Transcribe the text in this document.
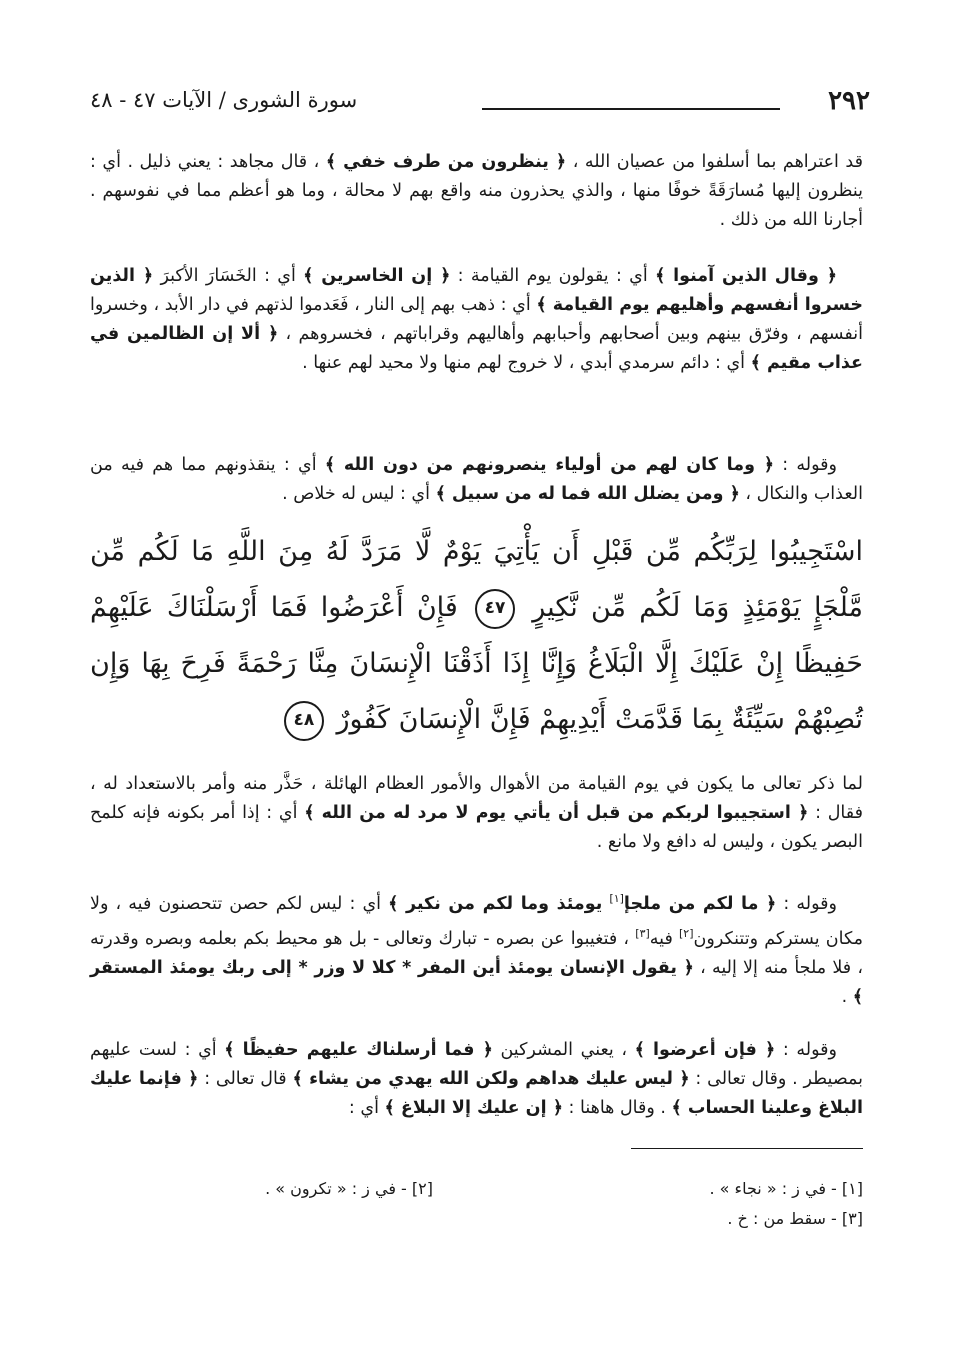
٢٩٢
سورة الشورى / الآيات ٤٧ - ٤٨
قد اعتراهم بما أسلفوا من عصيان الله ، ﴿ ينظرون من طرف خفي ﴾ ، قال مجاهد : يعني ذليل . أي : ينظرون إليها مُسارَقَةً خوفًا منها ، والذي يحذرون منه واقع بهم لا محالة ، وما هو أعظم مما في نفوسهم . أجارنا الله من ذلك .
﴿ وقال الذين آمنوا ﴾ أي : يقولون يوم القيامة : ﴿ إن الخاسرين ﴾ أي : الخَسَارَ الأكبرَ ﴿ الذين خسروا أنفسهم وأهليهم يوم القيامة ﴾ أي : ذهب بهم إلى النار ، فَعَدموا لذتهم في دار الأبد ، وخسروا أنفسهم ، وفرّق بينهم وبين أصحابهم وأحبابهم وأهاليهم وقراباتهم ، فخسروهم ، ﴿ ألا إن الظالمين في عذاب مقيم ﴾ أي : دائم سرمدي أبدي ، لا خروج لهم منها ولا محيد لهم عنها .
وقوله : ﴿ وما كان لهم من أولياء ينصرونهم من دون الله ﴾ أي : ينقذونهم مما هم فيه من العذاب والنكال ، ﴿ ومن يضلل الله فما له من سبيل ﴾ أي : ليس له خلاص .
اسْتَجِيبُوا لِرَبِّكُم مِّن قَبْلِ أَن يَأْتِيَ يَوْمٌ لَّا مَرَدَّ لَهُ مِنَ اللَّهِ مَا لَكُم مِّن مَّلْجَإٍ يَوْمَئِذٍ وَمَا لَكُم مِّن نَّكِيرٍ ٤٧ فَإِنْ أَعْرَضُوا فَمَا أَرْسَلْنَاكَ عَلَيْهِمْ حَفِيظًا إِنْ عَلَيْكَ إِلَّا الْبَلَاغُ وَإِنَّا إِذَا أَذَقْنَا الْإِنسَانَ مِنَّا رَحْمَةً فَرِحَ بِهَا وَإِن تُصِبْهُمْ سَيِّئَةٌ بِمَا قَدَّمَتْ أَيْدِيهِمْ فَإِنَّ الْإِنسَانَ كَفُورٌ ٤٨
لما ذكر تعالى ما يكون في يوم القيامة من الأهوال والأمور العظام الهائلة ، حَذَّر منه وأمر بالاستعداد له ، فقال : ﴿ استجيبوا لربكم من قبل أن يأتي يوم لا مرد له من الله ﴾ أي : إذا أمر بكونه فإنه كلمح البصر يكون ، وليس له دافع ولا مانع .
وقوله : ﴿ ما لكم من ملجإ[١] يومئذ وما لكم من نكير ﴾ أي : ليس لكم حصن تتحصنون فيه ، ولا مكان يستركم وتتنكرون[٢] فيه[٣] ، فتغيبوا عن بصره - تبارك وتعالى - بل هو محيط بكم بعلمه وبصره وقدرته ، فلا ملجأ منه إلا إليه ، ﴿ يقول الإنسان يومئذ أين المفر * كلا لا وزر * إلى ربك يومئذ المستقر ﴾ .
وقوله : ﴿ فإن أعرضوا ﴾ ، يعني المشركين ﴿ فما أرسلناك عليهم حفيظًا ﴾ أي : لست عليهم بمصيطر . وقال تعالى : ﴿ ليس عليك هداهم ولكن الله يهدي من يشاء ﴾ قال تعالى : ﴿ فإنما عليك البلاغ وعلينا الحساب ﴾ . وقال هاهنا : ﴿ إن عليك إلا البلاغ ﴾ أي :
[١] - في ز : « نجاء » .
[٢] - في ز : « تكرون » .
[٣] - سقط من : خ .
